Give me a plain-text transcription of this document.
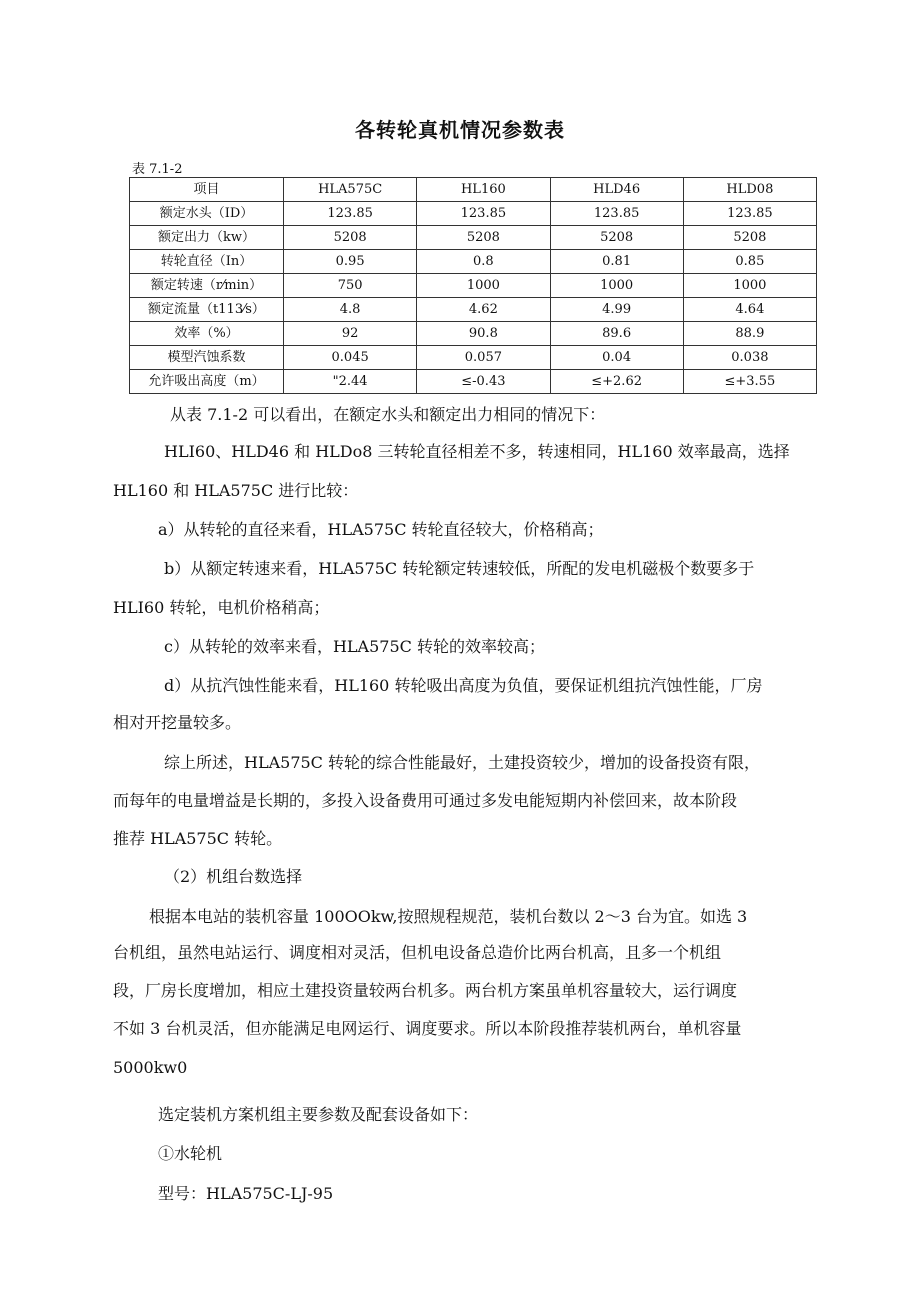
各转轮真机情况参数表
表 7.1-2
项目	HLA575C	HL160	HLD46	HLD08
额定水头（ID）	123.85	123.85	123.85	123.85
额定出力（kw）	5208	5208	5208	5208
转轮直径（In）	0.95	0.8	0.81	0.85
额定转速（r⁄min）	750	1000	1000	1000
额定流量（t113⁄s）	4.8	4.62	4.99	4.64
效率（%）	92	90.8	89.6	88.9
模型汽蚀系数	0.045	0.057	0.04	0.038
允许吸出高度（m）	"2.44	≤-0.43	≤+2.62	≤+3.55

从表 7.1-2 可以看出，在额定水头和额定出力相同的情况下：

HLI60、HLD46 和 HLDo8 三转轮直径相差不多，转速相同，HL160 效率最高，选择

HL160 和 HLA575C 进行比较：

a）从转轮的直径来看，HLA575C 转轮直径较大，价格稍高；

b）从额定转速来看，HLA575C 转轮额定转速较低，所配的发电机磁极个数要多于

HLI60 转轮，电机价格稍高；

c）从转轮的效率来看，HLA575C 转轮的效率较高；

d）从抗汽蚀性能来看，HL160 转轮吸出高度为负值，要保证机组抗汽蚀性能，厂房

相对开挖量较多。

综上所述，HLA575C 转轮的综合性能最好，土建投资较少，增加的设备投资有限，

而每年的电量增益是长期的，多投入设备费用可通过多发电能短期内补偿回来，故本阶段

推荐 HLA575C 转轮。

（2）机组台数选择

根据本电站的装机容量 100OOkw,按照规程规范，装机台数以 2～3 台为宜。如选 3

台机组，虽然电站运行、调度相对灵活，但机电设备总造价比两台机高，且多一个机组

段，厂房长度增加，相应土建投资量较两台机多。两台机方案虽单机容量较大，运行调度

不如 3 台机灵活，但亦能满足电网运行、调度要求。所以本阶段推荐装机两台，单机容量

5000kw0

选定装机方案机组主要参数及配套设备如下：

①水轮机

型号：HLA575C-LJ-95
